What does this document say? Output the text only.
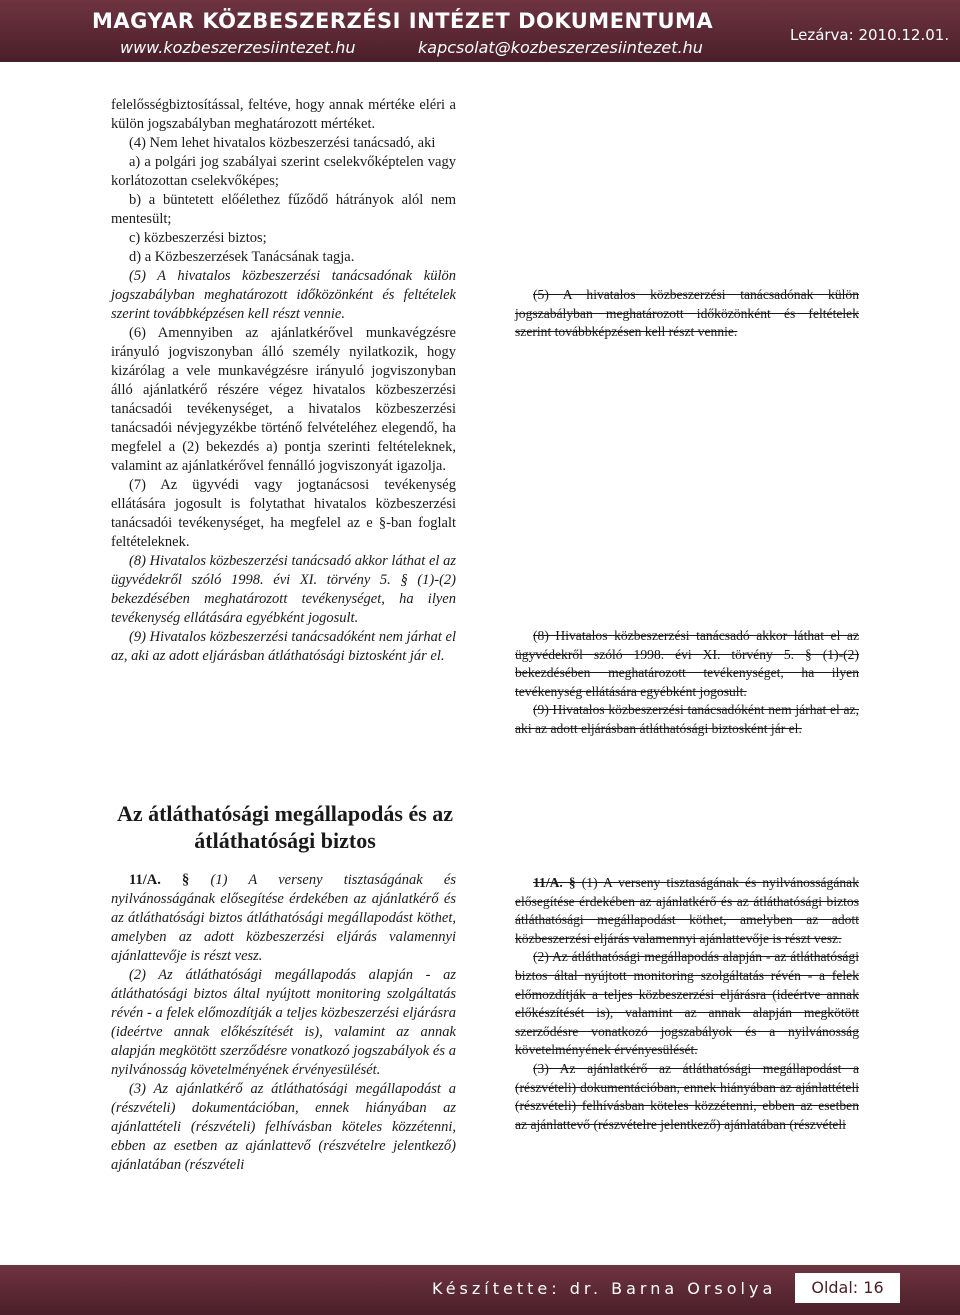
MAGYAR KÖZBESZERZÉSI INTÉZET DOKUMENTUMA
www.kozbeszerzesiintezet.hu	kapcsolat@kozbeszerzesiintezet.hu
Lezárva: 2010.12.01.

felelősségbiztosítással, feltéve, hogy annak mértéke eléri a külön jogszabályban meghatározott mértéket.

(4) Nem lehet hivatalos közbeszerzési tanácsadó, aki

a) a polgári jog szabályai szerint cselekvőképtelen vagy korlátozottan cselekvőképes;

b) a büntetett előélethez fűződő hátrányok alól nem mentesült;

c) közbeszerzési biztos;

d) a Közbeszerzések Tanácsának tagja.

(5) A hivatalos közbeszerzési tanácsadónak külön jogszabályban meghatározott időközönként és feltételek szerint továbbképzésen kell részt vennie.

(6) Amennyiben az ajánlatkérővel munkavégzésre irányuló jogviszonyban álló személy nyilatkozik, hogy kizárólag a vele munkavégzésre irányuló jogviszonyban álló ajánlatkérő részére végez hivatalos közbeszerzési tanácsadói tevékenységet, a hivatalos közbeszerzési tanácsadói névjegyzékbe történő felvételéhez elegendő, ha megfelel a (2) bekezdés a) pontja szerinti feltételeknek, valamint az ajánlatkérővel fennálló jogviszonyát igazolja.

(7) Az ügyvédi vagy jogtanácsosi tevékenység ellátására jogosult is folytathat hivatalos közbeszerzési tanácsadói tevékenységet, ha megfelel az e §-ban foglalt feltételeknek.

(8) Hivatalos közbeszerzési tanácsadó akkor láthat el az ügyvédekről szóló 1998. évi XI. törvény 5. § (1)-(2) bekezdésében meghatározott tevékenységet, ha ilyen tevékenység ellátására egyébként jogosult.

(9) Hivatalos közbeszerzési tanácsadóként nem járhat el az, aki az adott eljárásban átláthatósági biztosként jár el.

Az átláthatósági megállapodás és az átláthatósági biztos

11/A. § (1) A verseny tisztaságának és nyilvánosságának elősegítése érdekében az ajánlatkérő és az átláthatósági biztos átláthatósági megállapodást köthet, amelyben az adott közbeszerzési eljárás valamennyi ajánlattevője is részt vesz.

(2) Az átláthatósági megállapodás alapján - az átláthatósági biztos által nyújtott monitoring szolgáltatás révén - a felek előmozdítják a teljes közbeszerzési eljárásra (ideértve annak előkészítését is), valamint az annak alapján megkötött szerződésre vonatkozó jogszabályok és a nyilvánosság követelményének érvényesülését.

(3) Az ajánlatkérő az átláthatósági megállapodást a (részvételi) dokumentációban, ennek hiányában az ajánlattételi (részvételi) felhívásban köteles közzétenni, ebben az esetben az ajánlattevő (részvételre jelentkező) ajánlatában (részvételi

(5) A hivatalos közbeszerzési tanácsadónak külön jogszabályban meghatározott időközönként és feltételek szerint továbbképzésen kell részt vennie.

(8) Hivatalos közbeszerzési tanácsadó akkor láthat el az ügyvédekről szóló 1998. évi XI. törvény 5. § (1)-(2) bekezdésében meghatározott tevékenységet, ha ilyen tevékenység ellátására egyébként jogosult.

(9) Hivatalos közbeszerzési tanácsadóként nem járhat el az, aki az adott eljárásban átláthatósági biztosként jár el.

11/A. § (1) A verseny tisztaságának és nyilvánosságának elősegítése érdekében az ajánlatkérő és az átláthatósági biztos átláthatósági megállapodást köthet, amelyben az adott közbeszerzési eljárás valamennyi ajánlattevője is részt vesz.

(2) Az átláthatósági megállapodás alapján - az átláthatósági biztos által nyújtott monitoring szolgáltatás révén - a felek előmozdítják a teljes közbeszerzési eljárásra (ideértve annak előkészítését is), valamint az annak alapján megkötött szerződésre vonatkozó jogszabályok és a nyilvánosság követelményének érvényesülését.

(3) Az ajánlatkérő az átláthatósági megállapodást a (részvételi) dokumentációban, ennek hiányában az ajánlattételi (részvételi) felhívásban köteles közzétenni, ebben az esetben az ajánlattevő (részvételre jelentkező) ajánlatában (részvételi

Készítette: dr. Barna Orsolya	Oldal: 16
